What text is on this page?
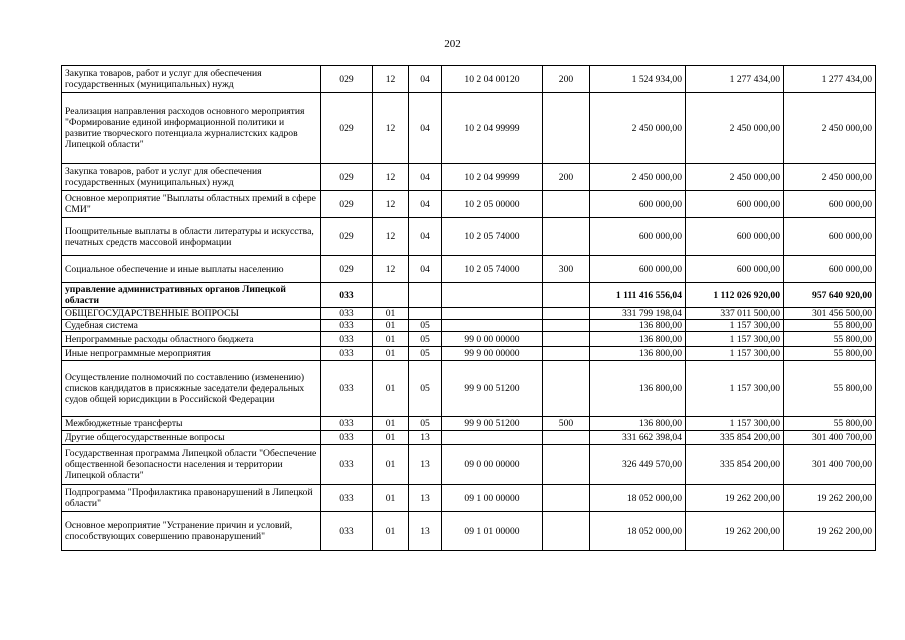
202
Закупка товаров, работ и услуг для обеспечения государственных (муниципальных) нужд	029	12	04	10 2 04 00120	200	1 524 934,00	1 277 434,00	1 277 434,00
Реализация направления расходов основного мероприятия "Формирование единой информационной политики и развитие творческого потенциала журналистских кадров Липецкой области"	029	12	04	10 2 04 99999		2 450 000,00	2 450 000,00	2 450 000,00
Закупка товаров, работ и услуг для обеспечения государственных (муниципальных) нужд	029	12	04	10 2 04 99999	200	2 450 000,00	2 450 000,00	2 450 000,00
Основное мероприятие "Выплаты областных премий в сфере СМИ"	029	12	04	10 2 05 00000		600 000,00	600 000,00	600 000,00
Поощрительные выплаты в области литературы и искусства, печатных средств массовой информации	029	12	04	10 2 05 74000		600 000,00	600 000,00	600 000,00
Социальное обеспечение и иные выплаты населению	029	12	04	10 2 05 74000	300	600 000,00	600 000,00	600 000,00
управление административных органов Липецкой области	033					1 111 416 556,04	1 112 026 920,00	957 640 920,00
ОБЩЕГОСУДАРСТВЕННЫЕ ВОПРОСЫ	033	01				331 799 198,04	337 011 500,00	301 456 500,00
Судебная система	033	01	05			136 800,00	1 157 300,00	55 800,00
Непрограммные расходы областного бюджета	033	01	05	99 0 00 00000		136 800,00	1 157 300,00	55 800,00
Иные непрограммные мероприятия	033	01	05	99 9 00 00000		136 800,00	1 157 300,00	55 800,00
Осуществление полномочий по составлению (изменению) списков кандидатов в присяжные заседатели федеральных судов общей юрисдикции в Российской Федерации	033	01	05	99 9 00 51200		136 800,00	1 157 300,00	55 800,00
Межбюджетные трансферты	033	01	05	99 9 00 51200	500	136 800,00	1 157 300,00	55 800,00
Другие общегосударственные вопросы	033	01	13			331 662 398,04	335 854 200,00	301 400 700,00
Государственная программа Липецкой области "Обеспечение общественной безопасности населения и территории Липецкой области"	033	01	13	09 0 00 00000		326 449 570,00	335 854 200,00	301 400 700,00
Подпрограмма "Профилактика правонарушений в Липецкой области"	033	01	13	09 1 00 00000		18 052 000,00	19 262 200,00	19 262 200,00
Основное мероприятие "Устранение причин и условий, способствующих совершению правонарушений"	033	01	13	09 1 01 00000		18 052 000,00	19 262 200,00	19 262 200,00
